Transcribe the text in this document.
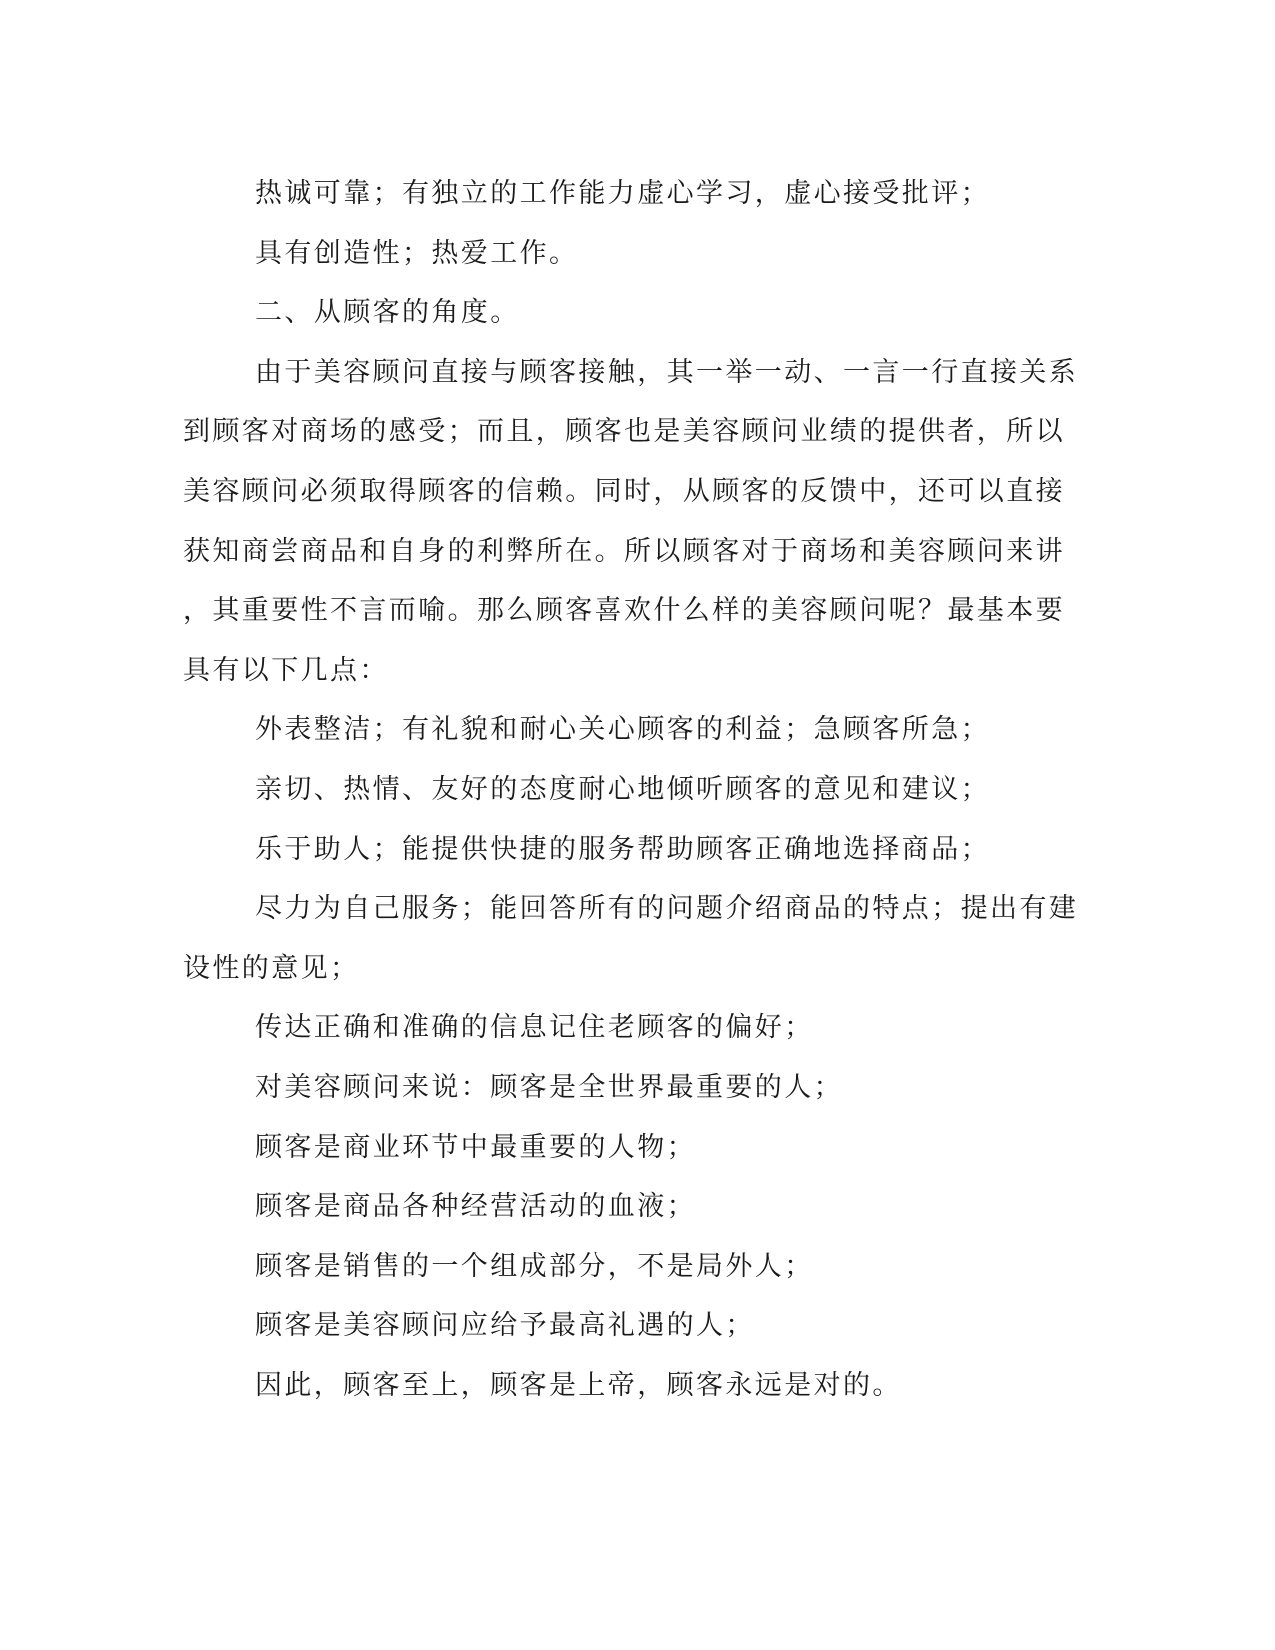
热诚可靠；有独立的工作能力虚心学习，虚心接受批评；

具有创造性；热爱工作。

二、从顾客的角度。

由于美容顾问直接与顾客接触，其一举一动、一言一行直接关系
到顾客对商场的感受；而且，顾客也是美容顾问业绩的提供者，所以
美容顾问必须取得顾客的信赖。同时，从顾客的反馈中，还可以直接
获知商尝商品和自身的利弊所在。所以顾客对于商场和美容顾问来讲
，其重要性不言而喻。那么顾客喜欢什么样的美容顾问呢？最基本要
具有以下几点：

外表整洁；有礼貌和耐心关心顾客的利益；急顾客所急；

亲切、热情、友好的态度耐心地倾听顾客的意见和建议；

乐于助人；能提供快捷的服务帮助顾客正确地选择商品；

尽力为自己服务；能回答所有的问题介绍商品的特点；提出有建
设性的意见；

传达正确和准确的信息记住老顾客的偏好；

对美容顾问来说：顾客是全世界最重要的人；

顾客是商业环节中最重要的人物；

顾客是商品各种经营活动的血液；

顾客是销售的一个组成部分，不是局外人；

顾客是美容顾问应给予最高礼遇的人；

因此，顾客至上，顾客是上帝，顾客永远是对的。
